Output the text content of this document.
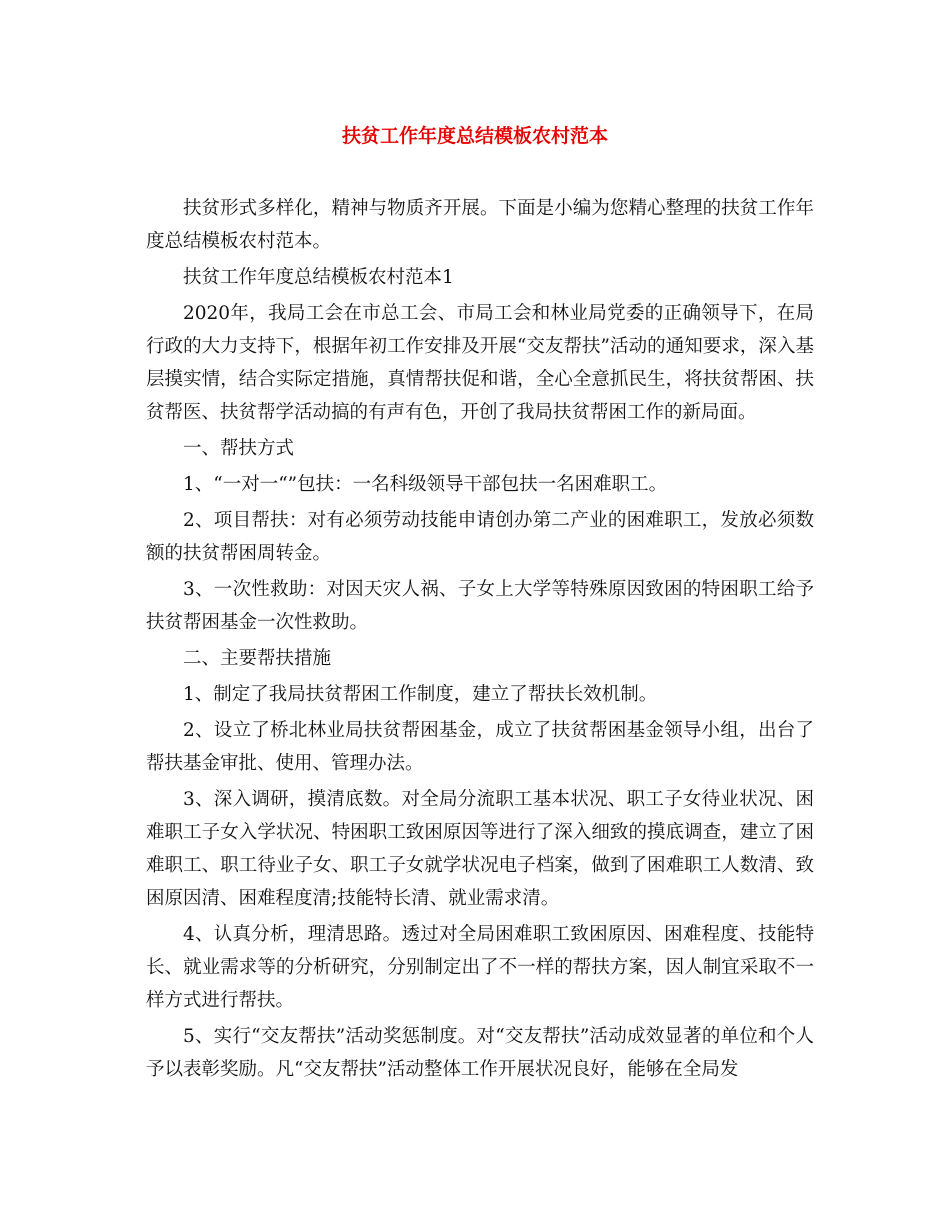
扶贫工作年度总结模板农村范本

扶贫形式多样化，精神与物质齐开展。下面是小编为您精心整理的扶贫工作年度总结模板农村范本。

扶贫工作年度总结模板农村范本1

2020年，我局工会在市总工会、市局工会和林业局党委的正确领导下，在局行政的大力支持下，根据年初工作安排及开展“交友帮扶”活动的通知要求，深入基层摸实情，结合实际定措施，真情帮扶促和谐，全心全意抓民生，将扶贫帮困、扶贫帮医、扶贫帮学活动搞的有声有色，开创了我局扶贫帮困工作的新局面。

一、帮扶方式

1、“一对一“”包扶：一名科级领导干部包扶一名困难职工。

2、项目帮扶：对有必须劳动技能申请创办第二产业的困难职工，发放必须数额的扶贫帮困周转金。

3、一次性救助：对因天灾人祸、子女上大学等特殊原因致困的特困职工给予扶贫帮困基金一次性救助。

二、主要帮扶措施

1、制定了我局扶贫帮困工作制度，建立了帮扶长效机制。

2、设立了桥北林业局扶贫帮困基金，成立了扶贫帮困基金领导小组，出台了帮扶基金审批、使用、管理办法。

3、深入调研，摸清底数。对全局分流职工基本状况、职工子女待业状况、困难职工子女入学状况、特困职工致困原因等进行了深入细致的摸底调查，建立了困难职工、职工待业子女、职工子女就学状况电子档案，做到了困难职工人数清、致困原因清、困难程度清;技能特长清、就业需求清。

4、认真分析，理清思路。透过对全局困难职工致困原因、困难程度、技能特长、就业需求等的分析研究，分别制定出了不一样的帮扶方案，因人制宜采取不一样方式进行帮扶。

5、实行“交友帮扶”活动奖惩制度。对“交友帮扶”活动成效显著的单位和个人予以表彰奖励。凡“交友帮扶”活动整体工作开展状况良好，能够在全局发
